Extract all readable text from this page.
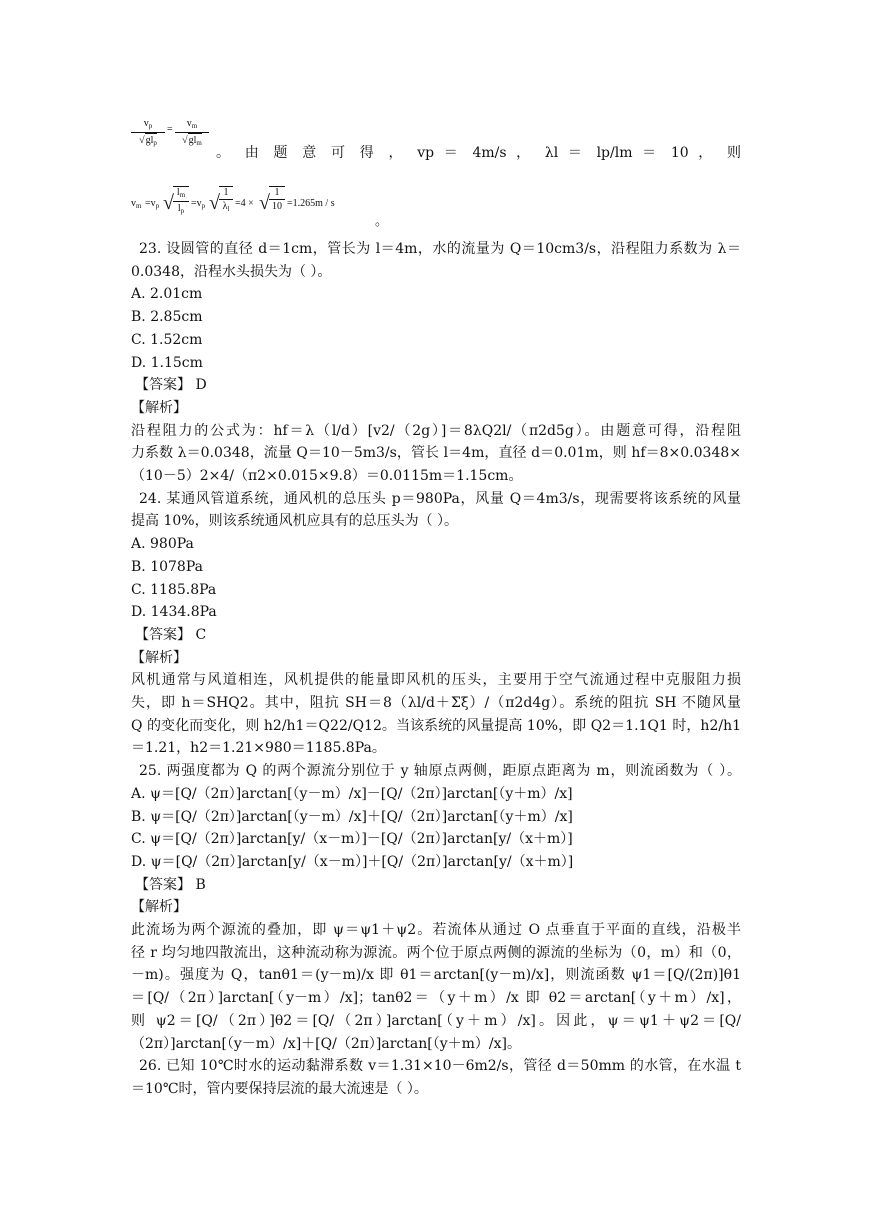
$v_p$
$√gl_p$
=
$v_m$
$√gl_m$
。 由 题 意 可 得 ， vp ＝ 4m/s ， λl ＝ lp/lm ＝ 10 ， 则
$v_m =v_p$ √ $\frac{l_m}{l_p} =v_p$ √ $\frac{1}{\lambda_l} =4$ × √ $\frac{1}{10} =1.265m / s$
。
23. 设圆管的直径 d＝1cm，管长为 l＝4m，水的流量为 Q＝10cm3/s，沿程阻力系数为 λ＝
0.0348，沿程水头损失为（ ）。
A. 2.01cm
B. 2.85cm
C. 1.52cm
D. 1.15cm
【答案】 D
【解析】
沿程阻力的公式为：hf＝λ（l/d）[v2/（2g）]＝8λQ2l/（π2d5g）。由题意可得，沿程阻
力系数 λ＝0.0348，流量 Q＝10－5m3/s，管长 l＝4m，直径 d＝0.01m，则 hf＝8×0.0348×
（10－5）2×4/（π2×0.015×9.8）＝0.0115m＝1.15cm。
24. 某通风管道系统，通风机的总压头 p＝980Pa，风量 Q＝4m3/s，现需要将该系统的风量
提高 10%，则该系统通风机应具有的总压头为（ ）。
A. 980Pa
B. 1078Pa
C. 1185.8Pa
D. 1434.8Pa
【答案】 C
【解析】
风机通常与风道相连，风机提供的能量即风机的压头，主要用于空气流通过程中克服阻力损
失，即 h＝SHQ2。其中，阻抗 SH＝8（λl/d＋Σξ）/（π2d4g）。系统的阻抗 SH 不随风量
Q 的变化而变化，则 h2/h1＝Q22/Q12。当该系统的风量提高 10%，即 Q2＝1.1Q1 时，h2/h1
＝1.21，h2＝1.21×980＝1185.8Pa。
25. 两强度都为 Q 的两个源流分别位于 y 轴原点两侧，距原点距离为 m，则流函数为（ ）。
A. ψ＝[Q/（2π）]arctan[（y－m）/x]－[Q/（2π）]arctan[（y＋m）/x]
B. ψ＝[Q/（2π）]arctan[（y－m）/x]＋[Q/（2π）]arctan[（y＋m）/x]
C. ψ＝[Q/（2π）]arctan[y/（x－m）]－[Q/（2π）]arctan[y/（x＋m）]
D. ψ＝[Q/（2π）]arctan[y/（x－m）]＋[Q/（2π）]arctan[y/（x＋m）]
【答案】 B
【解析】
此流场为两个源流的叠加，即 ψ＝ψ1＋ψ2。若流体从通过 O 点垂直于平面的直线，沿极半
径 r 均匀地四散流出，这种流动称为源流。两个位于原点两侧的源流的坐标为（0，m）和（0，
－m)。强度为 Q，tanθ1＝(y－m)/x 即 θ1＝arctan[(y－m)/x]，则流函数 ψ1＝[Q/(2π)]θ1
＝[Q/（2π）]arctan[（y－m）/x]；tanθ2＝（y＋m）/x 即 θ2＝arctan[（y＋m）/x]，
则 ψ2＝[Q/（2π）]θ2＝[Q/（2π）]arctan[（y＋m）/x]。因此，ψ＝ψ1＋ψ2＝[Q/
（2π）]arctan[（y－m）/x]＋[Q/（2π）]arctan[（y＋m）/x]。
26. 已知 10℃时水的运动黏滞系数 v＝1.31×10－6m2/s，管径 d＝50mm 的水管，在水温 t
＝10℃时，管内要保持层流的最大流速是（ ）。
